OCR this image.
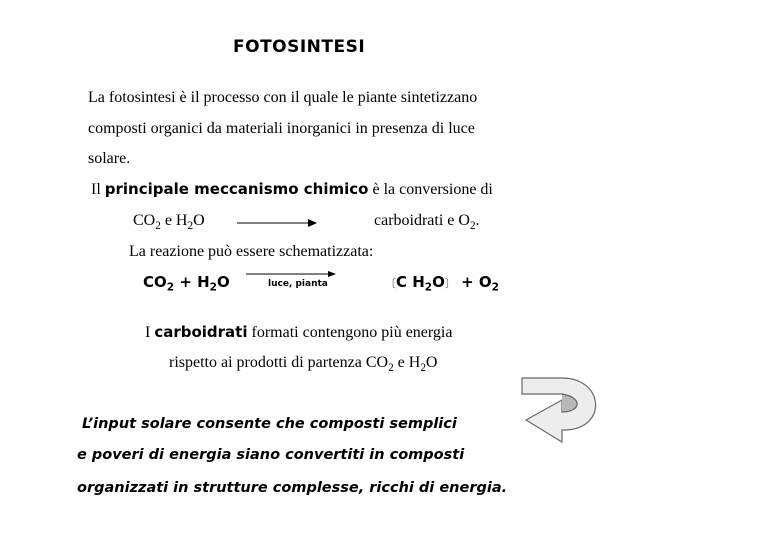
FOTOSINTESI
La fotosintesi è il processo con il quale le piante sintetizzano
composti organici da materiali inorganici in presenza di luce
solare.
Il principale meccanismo chimico è la conversione di
$CO_2$ e $H_2O$	carboidrati e $O_2$.
La reazione può essere schematizzata:
$CO_2 + H_2O$	luce, pianta	〔C $H_2O$〕 + $O_2$
I carboidrati formati contengono più energia
rispetto ai prodotti di partenza $CO_2$ e $H_2O$
L’input solare consente che composti semplici
e poveri di energia siano convertiti in composti
organizzati in strutture complesse, ricchi di energia.
